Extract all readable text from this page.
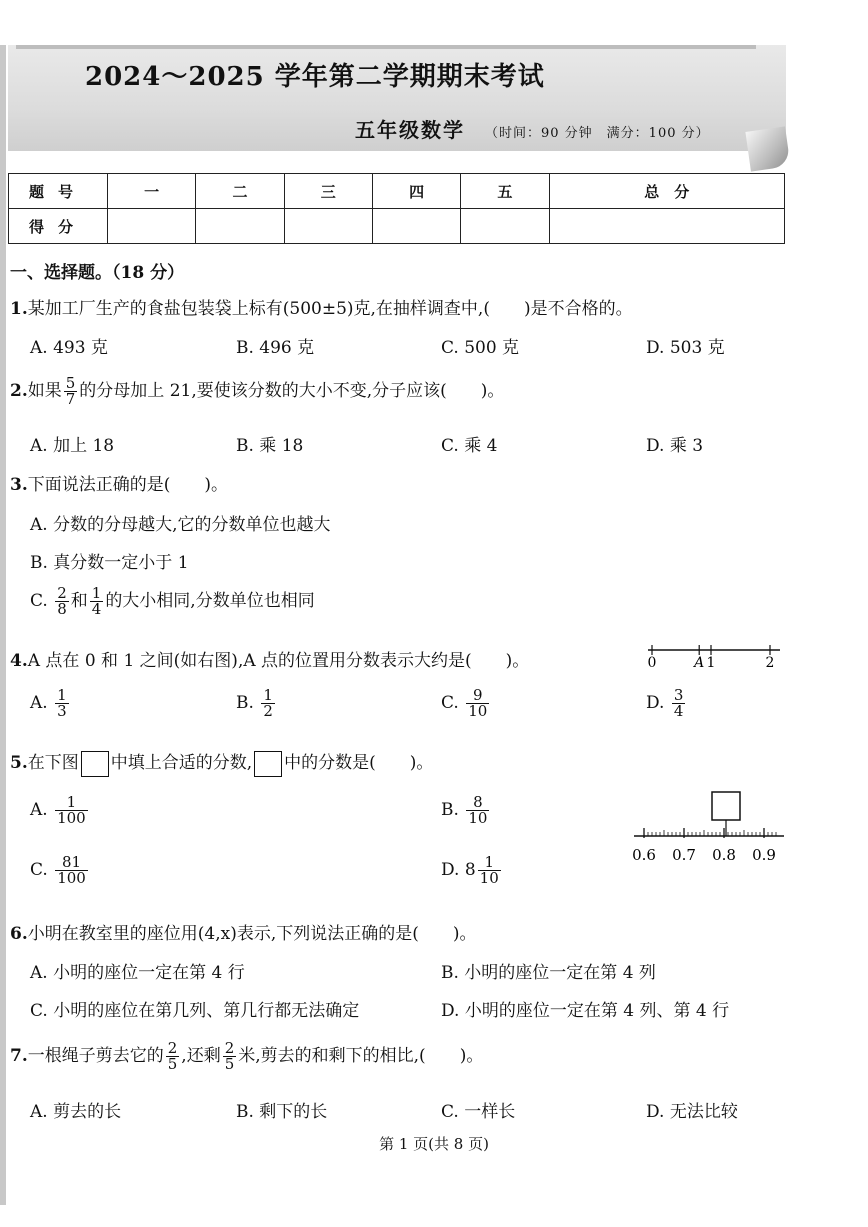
2024～2025 学年第二学期期末考试
五年级数学 （时间：90 分钟　满分：100 分）
题号	一	二	三	四	五	总　分
得分						
一、选择题。（18 分）
1.某加工厂生产的食盐包装袋上标有(500±5)克,在抽样调查中,(　　)是不合格的。
A. 493 克	B. 496 克	C. 500 克	D. 503 克
2.如果 $\frac{5}{7}$ 的分母加上 21,要使该分数的大小不变,分子应该(　　)。
A. 加上 18	B. 乘 18	C. 乘 4	D. 乘 3
3.下面说法正确的是(　　)。
A. 分数的分母越大,它的分数单位也越大
B. 真分数一定小于 1
C. $\frac{2}{8}$ 和 $\frac{1}{4}$ 的大小相同,分数单位也相同
4.A 点在 0 和 1 之间(如右图),A 点的位置用分数表示大约是(　　)。	0	A 1	2
A. $\frac{1}{3}$	B. $\frac{1}{2}$	C. $\frac{9}{10}$	D. $\frac{3}{4}$
5.在下图 中填上合适的分数, 中的分数是(　　)。
A. $\frac{1}{100}$	B. $\frac{8}{10}$
C. $\frac{81}{100}$	D. $8 \frac{1}{10}$	0.6 0.7 0.8 0.9
6.小明在教室里的座位用(4,x)表示,下列说法正确的是(　　)。
A. 小明的座位一定在第 4 行	B. 小明的座位一定在第 4 列
C. 小明的座位在第几列、第几行都无法确定	D. 小明的座位一定在第 4 列、第 4 行
7.一根绳子剪去它的 $\frac{2}{5}$ ,还剩 $\frac{2}{5}$ 米,剪去的和剩下的相比,(　　)。
A. 剪去的长	B. 剩下的长	C. 一样长	D. 无法比较
第 1 页(共 8 页)
